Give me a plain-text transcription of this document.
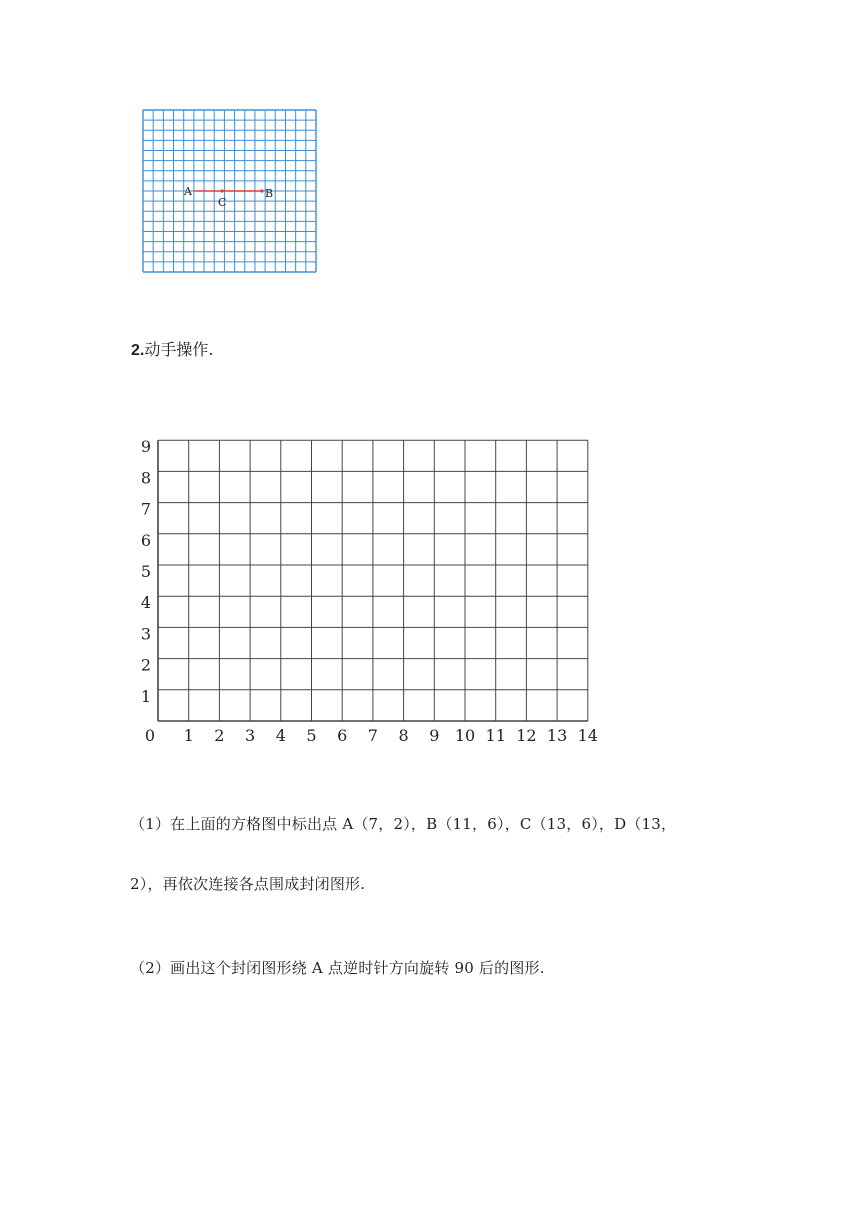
A	B
C
2.动手操作.
0 1 2 3 4 5 6 7 8 9 10 11 12 13 14
1
2
3
4
5
6
7
8
9
（1）在上面的方格图中标出点 A（7，2），B（11，6），C（13，6），D（13，
2），再依次连接各点围成封闭图形.
（2）画出这个封闭图形绕 A 点逆时针方向旋转 90 后的图形.
